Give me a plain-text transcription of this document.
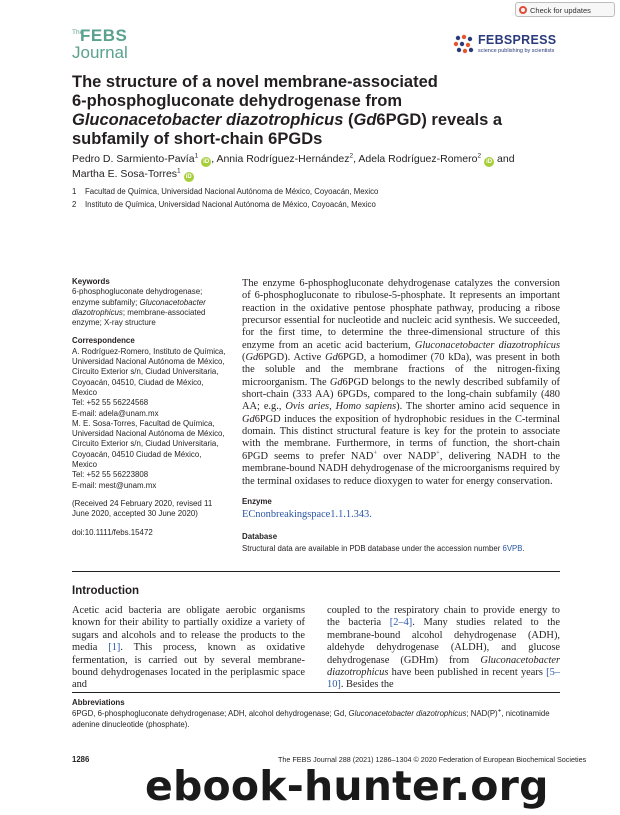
Check for updates
The
FEBS
Journal
FEBSPRESS
science publishing by scientists
The structure of a novel membrane-associated
6-phosphogluconate dehydrogenase from
Gluconacetobacter diazotrophicus (Gd6PGD) reveals a
subfamily of short-chain 6PGDs
Pedro D. Sarmiento-Pavía$^1$iD , Annia Rodríguez-Hernández$^2$, Adela Rodríguez-Romero$^2$iD and
Martha E. Sosa-Torres$^1$iD
1 Facultad de Química, Universidad Nacional Autónoma de México, Coyoacán, Mexico
2 Instituto de Química, Universidad Nacional Autónoma de México, Coyoacán, Mexico
Keywords
6-phosphogluconate dehydrogenase; enzyme subfamily; Gluconacetobacter diazotrophicus; membrane-associated enzyme; X-ray structure
Correspondence
A. Rodríguez-Romero, Instituto de Química,
Universidad Nacional Autónoma de México,
Circuito Exterior s/n, Ciudad Universitaria,
Coyoacán, 04510, Ciudad de México,
Mexico
Tel: +52 55 56224568
E-mail: adela@unam.mx
M. E. Sosa-Torres, Facultad de Química,
Universidad Nacional Autónoma de México,
Circuito Exterior s/n, Ciudad Universitaria,
Coyoacán, 04510 Ciudad de México,
Mexico
Tel: +52 55 56223808
E-mail: mest@unam.mx
(Received 24 February 2020, revised 11
June 2020, accepted 30 June 2020)
doi:10.1111/febs.15472
The enzyme 6-phosphogluconate dehydrogenase catalyzes the conversion of 6-phosphogluconate to ribulose-5-phosphate. It represents an important reaction in the oxidative pentose phosphate pathway, producing a ribose precursor essential for nucleotide and nucleic acid synthesis. We succeeded, for the first time, to determine the three-dimensional structure of this enzyme from an acetic acid bacterium, Gluconacetobacter diazotrophicus (Gd6PGD). Active Gd6PGD, a homodimer (70 kDa), was present in both the soluble and the membrane fractions of the nitrogen-fixing microorganism. The Gd6PGD belongs to the newly described subfamily of short-chain (333 AA) 6PGDs, compared to the long-chain subfamily (480 AA; e.g., Ovis aries, Homo sapiens). The shorter amino acid sequence in Gd6PGD induces the exposition of hydrophobic residues in the C-terminal domain. This distinct structural feature is key for the protein to associate with the membrane. Furthermore, in terms of function, the short-chain 6PGD seems to prefer NAD+ over NADP+, delivering NADH to the membrane-bound NADH dehydrogenase of the microorganisms required by the terminal oxidases to reduce dioxygen to water for energy conservation.
Enzyme
ECnonbreakingspace1.1.1.343.
Database
Structural data are available in PDB database under the accession number 6VPB.
Introduction
Acetic acid bacteria are obligate aerobic organisms known for their ability to partially oxidize a variety of sugars and alcohols and to release the products to the media [1]. This process, known as oxidative fermentation, is carried out by several membrane-bound dehydrogenases located in the periplasmic space and
coupled to the respiratory chain to provide energy to the bacteria [2–4]. Many studies related to the membrane-bound alcohol dehydrogenase (ADH), aldehyde dehydrogenase (ALDH), and glucose dehydrogenase (GDHm) from Gluconacetobacter diazotrophicus have been published in recent years [5–10]. Besides the
Abbreviations
6PGD, 6-phosphogluconate dehydrogenase; ADH, alcohol dehydrogenase; Gd, Gluconacetobacter diazotrophicus; NAD(P)+, nicotinamide adenine dinucleotide (phosphate).
1286	The FEBS Journal 288 (2021) 1286–1304 © 2020 Federation of European Biochemical Societies
ebook-hunter.org
